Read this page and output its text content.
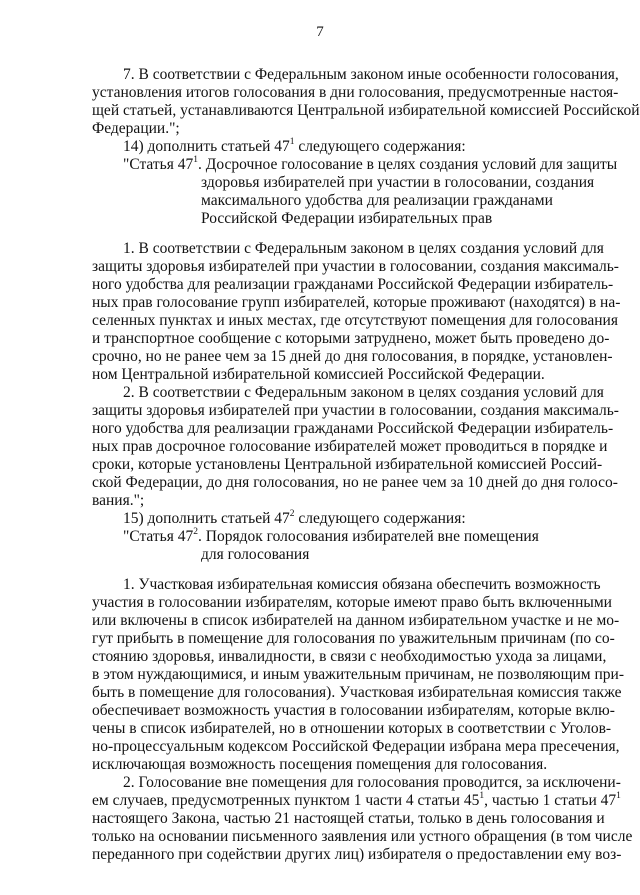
7
7. В соответствии с Федеральным законом иные особенности голосования,
установления итогов голосования в дни голосования, предусмотренные настоя-
щей статьей, устанавливаются Центральной избирательной комиссией Российской
Федерации.";
14) дополнить статьей $47^1$ следующего содержания:
"Статья $47^1$. Досрочное голосование в целях создания условий для защиты
здоровья избирателей при участии в голосовании, создания
максимального удобства для реализации гражданами
Российской Федерации избирательных прав
1. В соответствии с Федеральным законом в целях создания условий для
защиты здоровья избирателей при участии в голосовании, создания максималь-
ного удобства для реализации гражданами Российской Федерации избиратель-
ных прав голосование групп избирателей, которые проживают (находятся) в на-
селенных пунктах и иных местах, где отсутствуют помещения для голосования
и транспортное сообщение с которыми затруднено, может быть проведено до-
срочно, но не ранее чем за 15 дней до дня голосования, в порядке, установлен-
ном Центральной избирательной комиссией Российской Федерации.
2. В соответствии с Федеральным законом в целях создания условий для
защиты здоровья избирателей при участии в голосовании, создания максималь-
ного удобства для реализации гражданами Российской Федерации избиратель-
ных прав досрочное голосование избирателей может проводиться в порядке и
сроки, которые установлены Центральной избирательной комиссией Россий-
ской Федерации, до дня голосования, но не ранее чем за 10 дней до дня голосо-
вания.";
15) дополнить статьей $47^2$ следующего содержания:
"Статья $47^2$. Порядок голосования избирателей вне помещения
для голосования
1. Участковая избирательная комиссия обязана обеспечить возможность
участия в голосовании избирателям, которые имеют право быть включенными
или включены в список избирателей на данном избирательном участке и не мо-
гут прибыть в помещение для голосования по уважительным причинам (по со-
стоянию здоровья, инвалидности, в связи с необходимостью ухода за лицами,
в этом нуждающимися, и иным уважительным причинам, не позволяющим при-
быть в помещение для голосования). Участковая избирательная комиссия также
обеспечивает возможность участия в голосовании избирателям, которые вклю-
чены в список избирателей, но в отношении которых в соответствии с Уголов-
но-процессуальным кодексом Российской Федерации избрана мера пресечения,
исключающая возможность посещения помещения для голосования.
2. Голосование вне помещения для голосования проводится, за исключени-
ем случаев, предусмотренных пунктом 1 части 4 статьи $45^1$, частью 1 статьи $47^1$
настоящего Закона, частью 21 настоящей статьи, только в день голосования и
только на основании письменного заявления или устного обращения (в том числе
переданного при содействии других лиц) избирателя о предоставлении ему воз-
